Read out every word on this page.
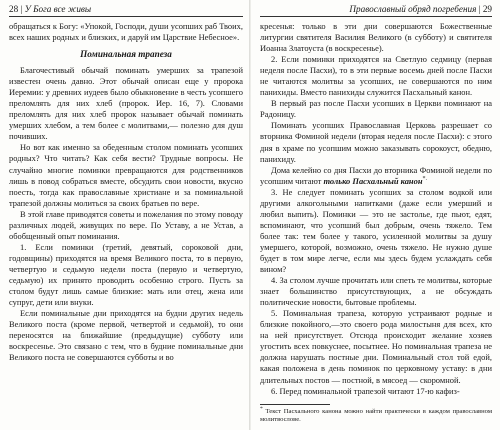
28 | У Бога все живы

обращаться к Богу: «Упокой, Господи, души усопших раб Твоих, всех наших родных и близких, и даруй им Царствие Небесное».

Поминальная трапеза

Благочестивый обычай поминать умерших за трапезой известен очень давно. Этот обычай описан еще у пророка Иеремии: у древних иудеев было обыкновение в честь усопшего преломлять для них хлеб (пророк. Иер. 16, 7). Словами преломлять для них хлеб пророк называет обычай поминать умерших хлебом, а тем более с молитвами,— полезно для душ почивших.

Но вот как именно за обеденным столом поминать усопших родных? Что читать? Как себя вести? Трудные вопросы. Не случайно многие поминки превращаются для родственников лишь в повод собраться вместе, обсудить свои новости, вкусно поесть, тогда как православные христиане и за поминальной трапезой должны молиться за своих братьев по вере.

В этой главе приводятся советы и пожелания по этому поводу различных людей, живущих по вере. По Уставу, а не Устав, а обобщенный опыт поминания.

1. Если поминки (третий, девятый, сороковой дни, годовщины) приходятся на время Великого поста, то в первую, четвертую и седьмую недели поста (первую и четвертую, седьмую) их принято проводить особенно строго. Пусть за столом будут лишь самые близкие: мать или отец, жена или супруг, дети или внуки.

Если поминальные дни приходятся на будни других недель Великого поста (кроме первой, четвертой и седьмой), то они переносятся на ближайшие (предыдущие) субботу или воскресенье. Это связано с тем, что в будние поминальные дни Великого поста не совершаются субботы и во

Православный обряд погребения | 29

кресенья: только в эти дни совершаются Божественные литургии святителя Василия Великого (в субботу) и святителя Иоанна Златоуста (в воскресенье).

2. Если поминки приходятся на Светлую седмицу (первая неделя после Пасхи), то в эти первые восемь дней после Пасхи не читаются молитвы за усопших, не совершаются по ним панихиды. Вместо панихиды служится Пасхальный канон.

В первый раз после Пасхи усопших в Церкви поминают на Радоницу.

Поминать усопших Православная Церковь разрешает со вторника Фоминой недели (вторая неделя после Пасхи): с этого дня в храме по усопшим можно заказывать сорокоуст, обедню, панихиду.

Дома келейно со дня Пасхи до вторника Фоминой недели по усопшим читают только Пасхальный канон*.

3. Не следует поминать усопших за столом водкой или другими алкогольными напитками (даже если умерший и любил выпить). Поминки — это не застолье, где пьют, едят, вспоминают, что усопший был добрым, очень тяжело. Тем более так: тем более у такого, усиленной молитвы за душу умершего, которой, возможно, очень тяжело. Не нужно душе будет в том мире легче, если мы здесь будем услаждать себя вином?

4. За столом лучше прочитать или спеть те молитвы, которые знает большинство присутствующих, а не обсуждать политические новости, бытовые проблемы.

5. Поминальная трапеза, которую устраивают родные и близкие покойного,—это своего рода милостыня для всех, кто на ней присутствует. Отсюда происходит желание хозяев угостить всех повкуснее, посытнее. Но поминальная трапеза не должна нарушать постные дни. Поминальный стол той едой, какая положена в день поминок по церковному уставу: в дни длительных постов — постной, в мясоед — скоромной.

6. Перед поминальной трапезой читают 17-ю кафиз-

* Текст Пасхального канона можно найти практически в каждом православном молитвослове.
